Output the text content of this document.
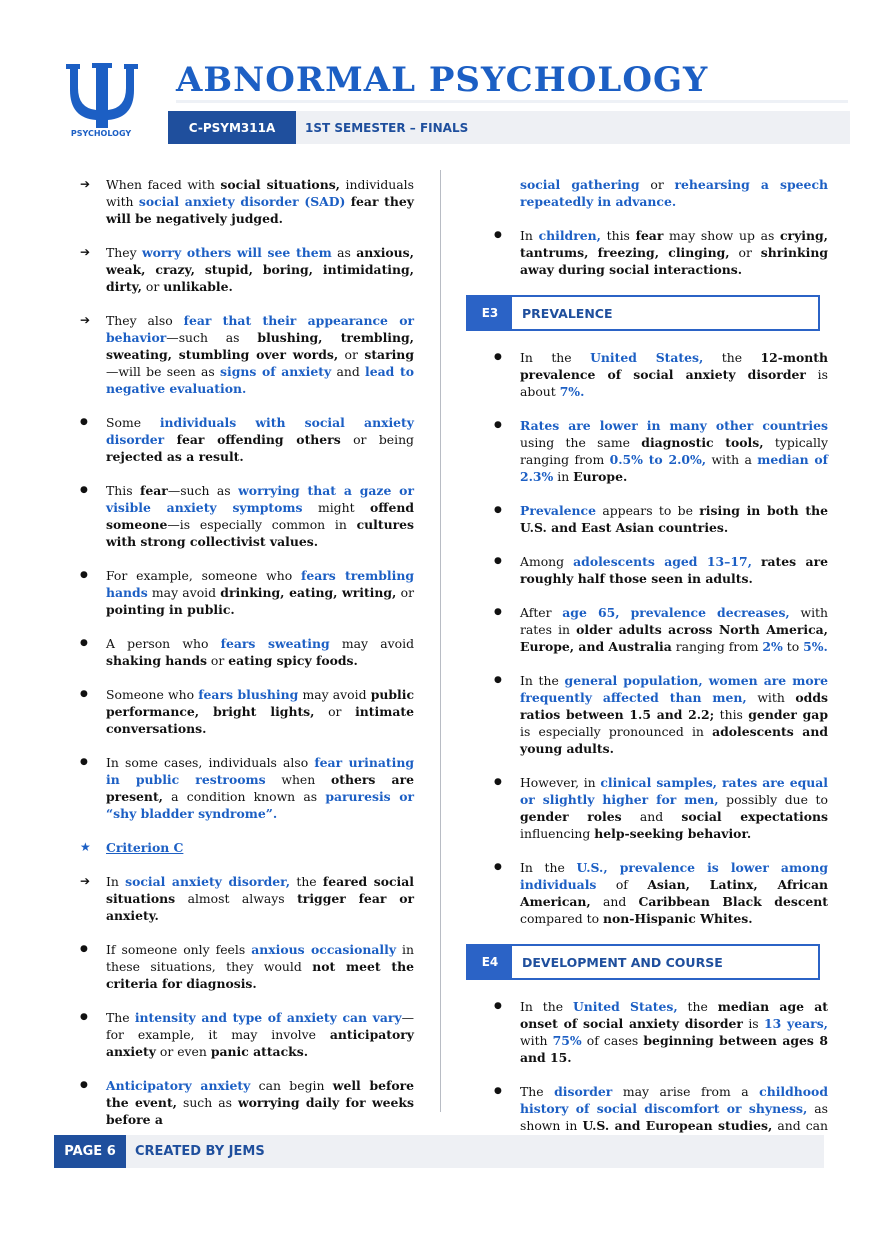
PSYCHOLOGY
ABNORMAL PSYCHOLOGY
C-PSYM311A	1ST SEMESTER – FINALS
➔	When faced with social situations, individuals with social anxiety disorder (SAD) fear they will be negatively judged.
➔	They worry others will see them as anxious, weak, crazy, stupid, boring, intimidating, dirty, or unlikable.
➔	They also fear that their appearance or behavior—such as blushing, trembling, sweating, stumbling over words, or staring—will be seen as signs of anxiety and lead to negative evaluation.
●	Some individuals with social anxiety disorder fear offending others or being rejected as a result.
●	This fear—such as worrying that a gaze or visible anxiety symptoms might offend someone—is especially common in cultures with strong collectivist values.
●	For example, someone who fears trembling hands may avoid drinking, eating, writing, or pointing in public.
●	A person who fears sweating may avoid shaking hands or eating spicy foods.
●	Someone who fears blushing may avoid public performance, bright lights, or intimate conversations.
●	In some cases, individuals also fear urinating in public restrooms when others are present, a condition known as paruresis or “shy bladder syndrome”.
★	Criterion C
➔	In social anxiety disorder, the feared social situations almost always trigger fear or anxiety.
●	If someone only feels anxious occasionally in these situations, they would not meet the criteria for diagnosis.
●	The intensity and type of anxiety can vary—for example, it may involve anticipatory anxiety or even panic attacks.
●	Anticipatory anxiety can begin well before the event, such as worrying daily for weeks before a
social gathering or rehearsing a speech repeatedly in advance.
●	In children, this fear may show up as crying, tantrums, freezing, clinging, or shrinking away during social interactions.
E3	PREVALENCE
●	In the United States, the 12-month prevalence of social anxiety disorder is about 7%.
●	Rates are lower in many other countries using the same diagnostic tools, typically ranging from 0.5% to 2.0%, with a median of 2.3% in Europe.
●	Prevalence appears to be rising in both the U.S. and East Asian countries.
●	Among adolescents aged 13–17, rates are roughly half those seen in adults.
●	After age 65, prevalence decreases, with rates in older adults across North America, Europe, and Australia ranging from 2% to 5%.
●	In the general population, women are more frequently affected than men, with odds ratios between 1.5 and 2.2; this gender gap is especially pronounced in adolescents and young adults.
●	However, in clinical samples, rates are equal or slightly higher for men, possibly due to gender roles and social expectations influencing help-seeking behavior.
●	In the U.S., prevalence is lower among individuals of Asian, Latinx, African American, and Caribbean Black descent compared to non-Hispanic Whites.
E4	DEVELOPMENT AND COURSE
●	In the United States, the median age at onset of social anxiety disorder is 13 years, with 75% of cases beginning between ages 8 and 15.
●	The disorder may arise from a childhood history of social discomfort or shyness, as shown in U.S. and European studies, and can
PAGE 6	CREATED BY JEMS
